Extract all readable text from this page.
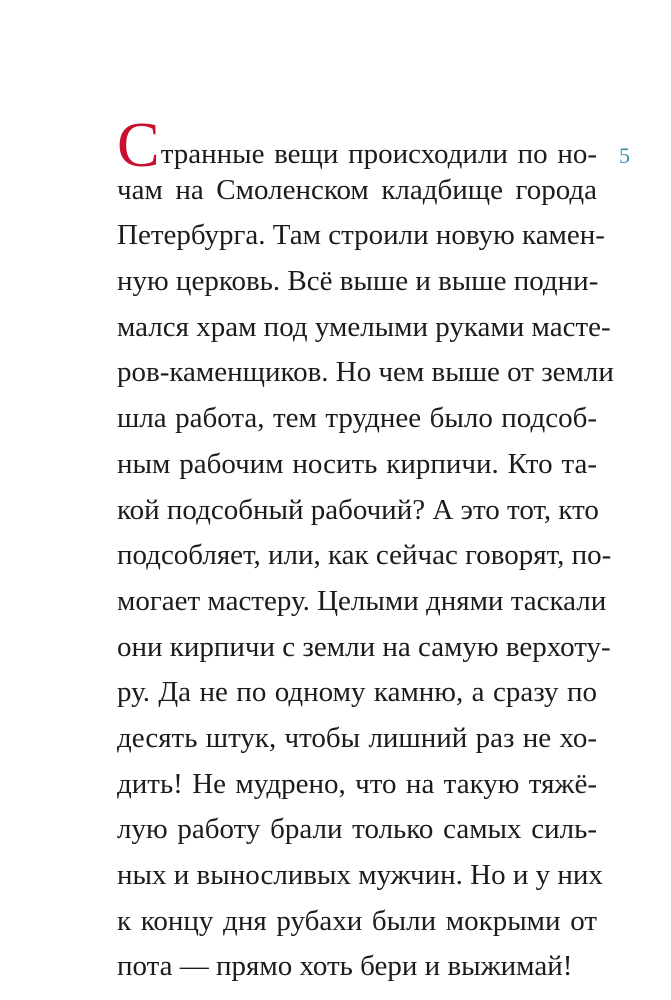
5
Странные вещи происходили по но-
чам на Смоленском кладбище города
Петербурга. Там строили новую камен-
ную церковь. Всё выше и выше подни-
мался храм под умелыми руками масте-
ров-каменщиков. Но чем выше от земли
шла работа, тем труднее было подсоб-
ным рабочим носить кирпичи. Кто та-
кой подсобный рабочий? А это тот, кто
подсобляет, или, как сейчас говорят, по-
могает мастеру. Целыми днями таскали
они кирпичи с земли на самую верхоту-
ру. Да не по одному камню, а сразу по
десять штук, чтобы лишний раз не хо-
дить! Не мудрено, что на такую тяжё-
лую работу брали только самых силь-
ных и выносливых мужчин. Но и у них
к концу дня рубахи были мокрыми от
пота — прямо хоть бери и выжимай!
